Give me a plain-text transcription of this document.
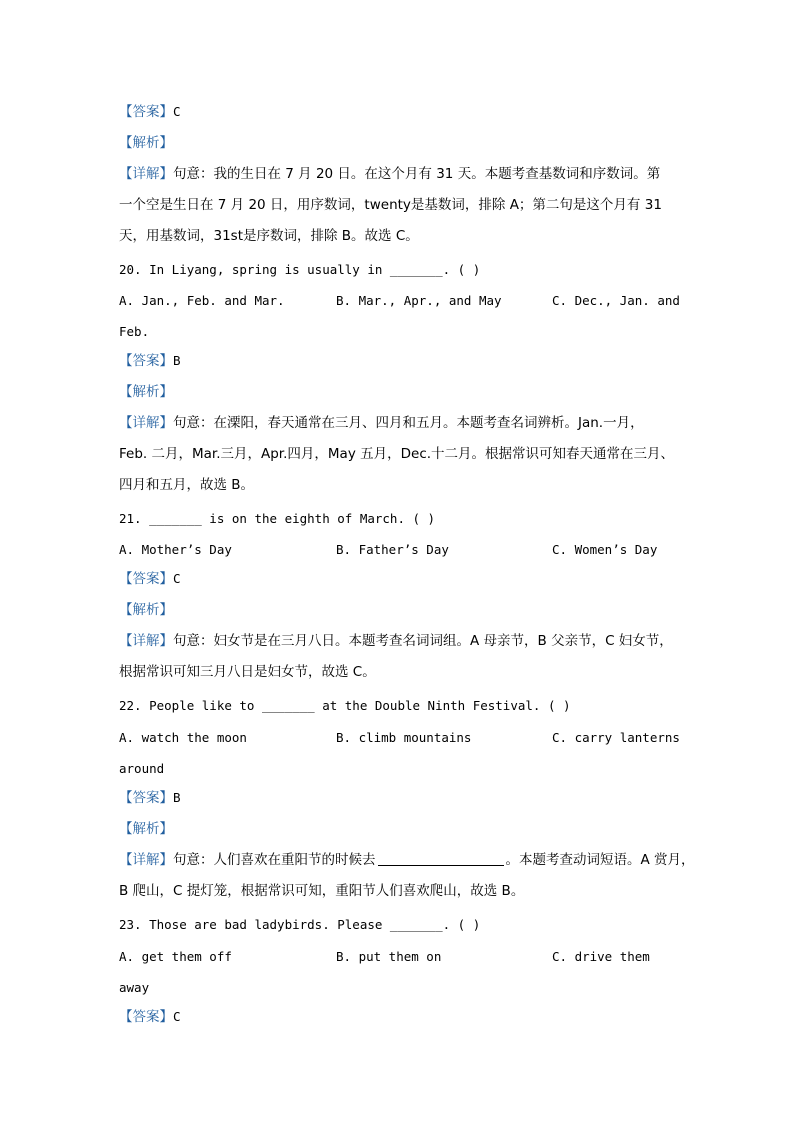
【答案】C
【解析】
【详解】句意：我的生日在 7 月 20 日。在这个月有 31 天。本题考查基数词和序数词。第
一个空是生日在 7 月 20 日，用序数词，twenty是基数词，排除 A；第二句是这个月有 31
天，用基数词，31st是序数词，排除 B。故选 C。
20. In Liyang, spring is usually in _______. ( )
A. Jan., Feb. and Mar.	B. Mar., Apr., and May	C. Dec., Jan. and
Feb.
【答案】B
【解析】
【详解】句意：在溧阳，春天通常在三月、四月和五月。本题考查名词辨析。Jan.一月，
Feb. 二月，Mar.三月，Apr.四月，May 五月，Dec.十二月。根据常识可知春天通常在三月、
四月和五月，故选 B。
21. _______ is on the eighth of March. ( )
A. Mother’s Day	B. Father’s Day	C. Women’s Day
【答案】C
【解析】
【详解】句意：妇女节是在三月八日。本题考查名词词组。A 母亲节，B 父亲节，C 妇女节，
根据常识可知三月八日是妇女节，故选 C。
22. People like to _______ at the Double Ninth Festival. ( )
A. watch the moon	B. climb mountains	C. carry lanterns
around
【答案】B
【解析】
【详解】句意：人们喜欢在重阳节的时候去	。本题考查动词短语。A 赏月，
B 爬山，C 提灯笼，根据常识可知，重阳节人们喜欢爬山，故选 B。
23. Those are bad ladybirds. Please _______. ( )
A. get them off	B. put them on	C. drive them
away
【答案】C
